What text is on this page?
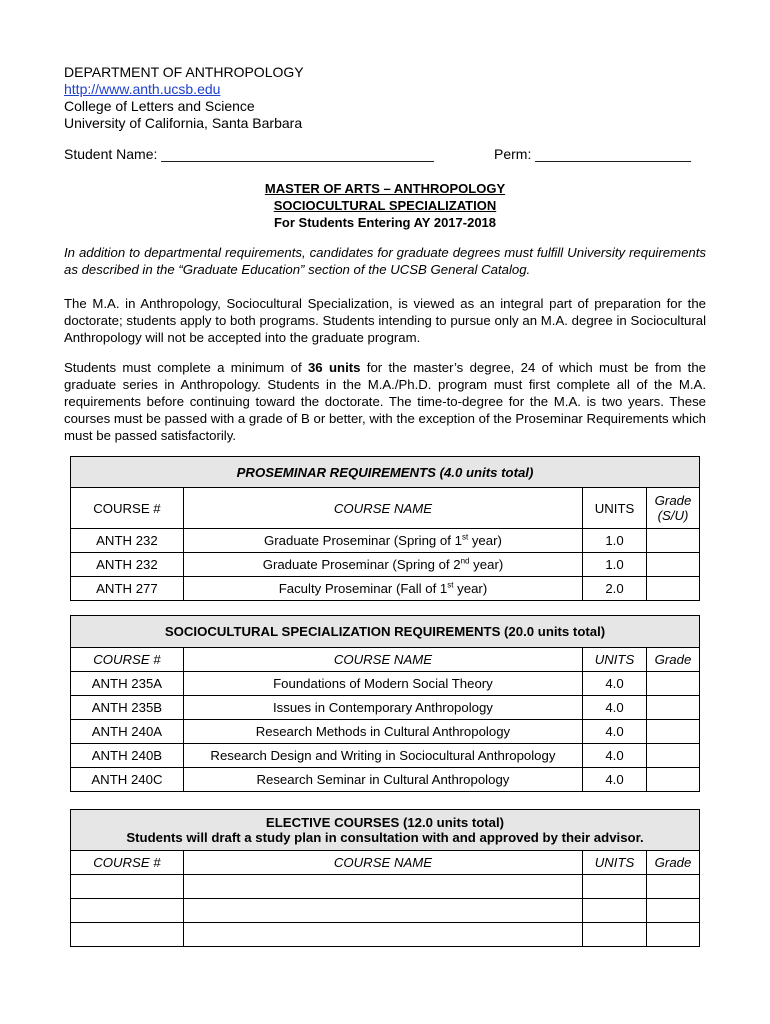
DEPARTMENT OF ANTHROPOLOGY
http://www.anth.ucsb.edu
College of Letters and Science
University of California, Santa Barbara
Student Name: ___________________________________	Perm: ____________________
MASTER OF ARTS – ANTHROPOLOGY
SOCIOCULTURAL SPECIALIZATION
For Students Entering AY 2017-2018

In addition to departmental requirements, candidates for graduate degrees must fulfill University requirements as described in the “Graduate Education” section of the UCSB General Catalog.

The M.A. in Anthropology, Sociocultural Specialization, is viewed as an integral part of preparation for the doctorate; students apply to both programs. Students intending to pursue only an M.A. degree in Sociocultural Anthropology will not be accepted into the graduate program.

Students must complete a minimum of 36 units for the master’s degree, 24 of which must be from the graduate series in Anthropology. Students in the M.A./Ph.D. program must first complete all of the M.A. requirements before continuing toward the doctorate. The time-to-degree for the M.A. is two years. These courses must be passed with a grade of B or better, with the exception of the Proseminar Requirements which must be passed satisfactorily.

PROSEMINAR REQUIREMENTS (4.0 units total)			
COURSE #	COURSE NAME	UNITS	Grade
(S/U)
ANTH 232	Graduate Proseminar (Spring of 1st year)	1.0	
ANTH 232	Graduate Proseminar (Spring of 2nd year)	1.0	
ANTH 277	Faculty Proseminar (Fall of 1st year)	2.0	
SOCIOCULTURAL SPECIALIZATION REQUIREMENTS (20.0 units total)			
COURSE #	COURSE NAME	UNITS	Grade
ANTH 235A	Foundations of Modern Social Theory	4.0	
ANTH 235B	Issues in Contemporary Anthropology	4.0	
ANTH 240A	Research Methods in Cultural Anthropology	4.0	
ANTH 240B	Research Design and Writing in Sociocultural Anthropology	4.0	
ANTH 240C	Research Seminar in Cultural Anthropology	4.0	
ELECTIVE COURSES (12.0 units total)
Students will draft a study plan in consultation with and approved by their advisor.			

COURSE #	COURSE NAME	UNITS	Grade
